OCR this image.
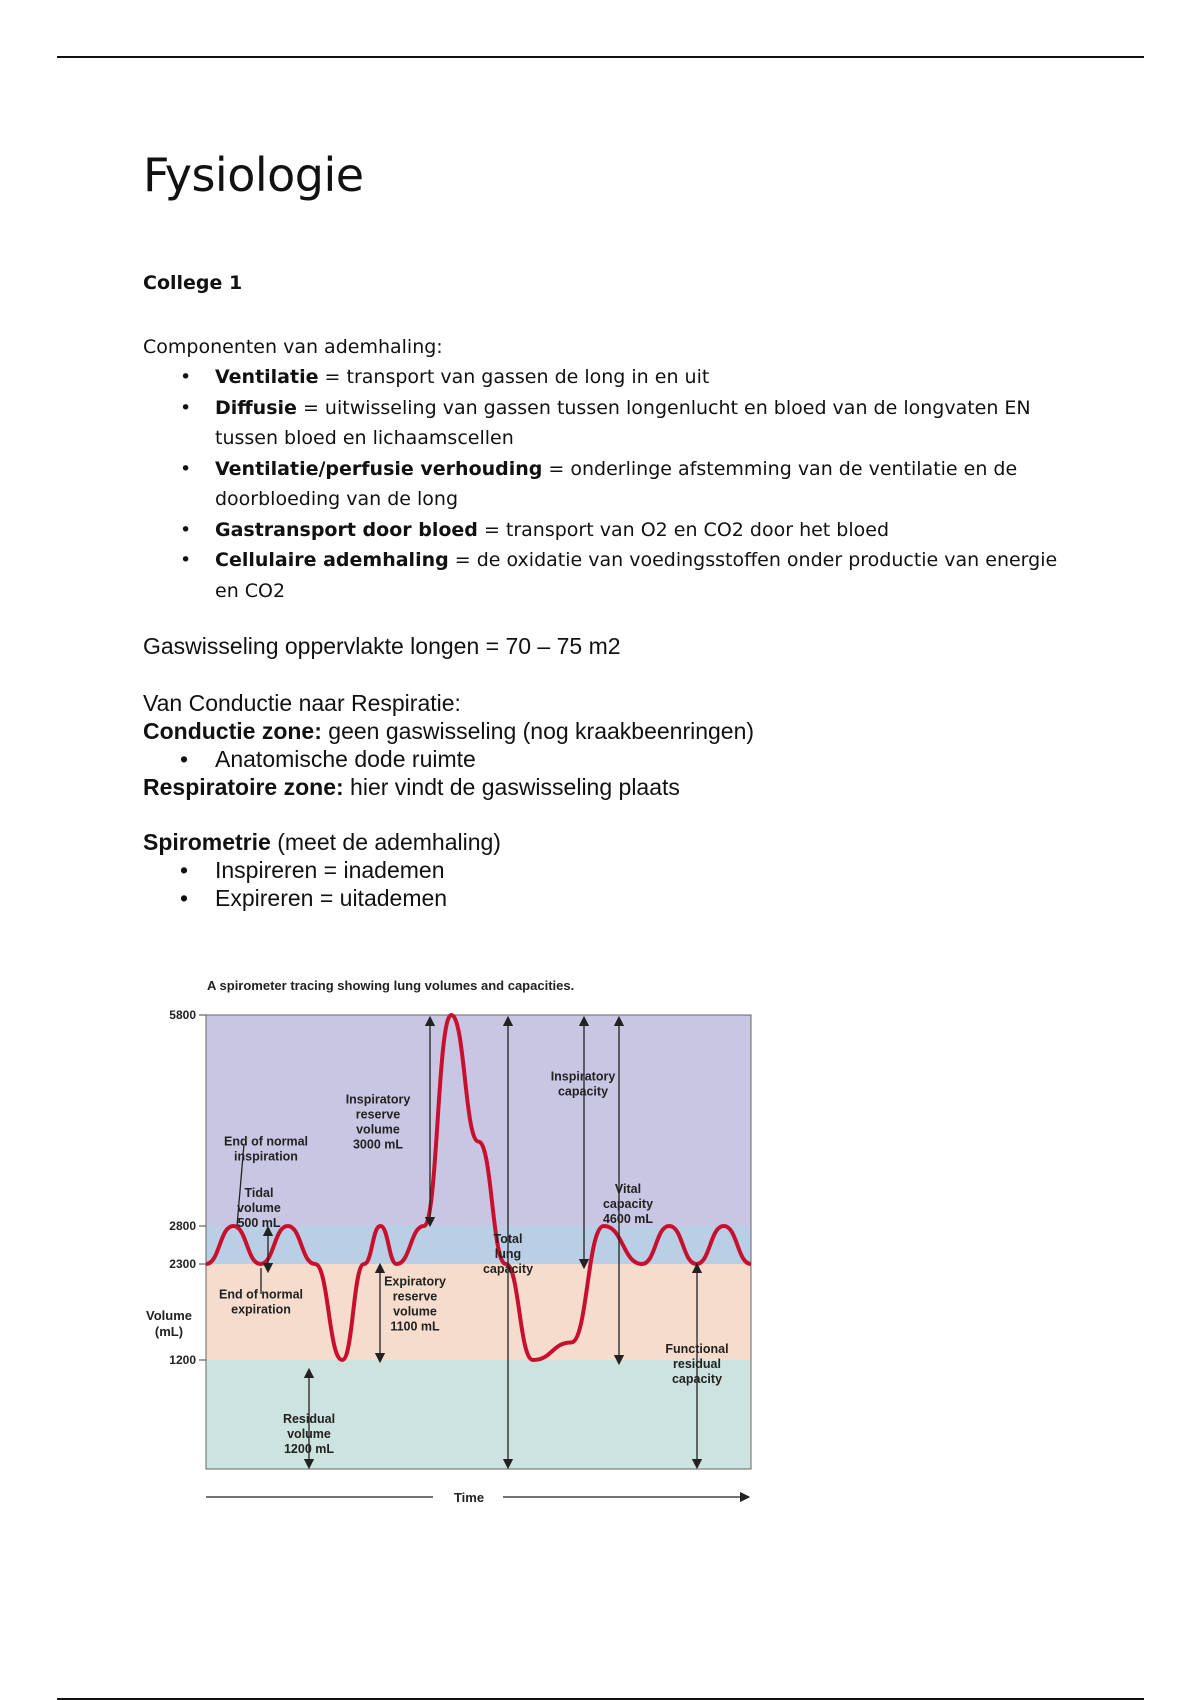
Fysiologie
College 1
Componenten van ademhaling:
• Ventilatie = transport van gassen de long in en uit
• Diffusie = uitwisseling van gassen tussen longenlucht en bloed van de longvaten EN tussen bloed en lichaamscellen
• Ventilatie/perfusie verhouding = onderlinge afstemming van de ventilatie en de doorbloeding van de long
• Gastransport door bloed = transport van O2 en CO2 door het bloed
• Cellulaire ademhaling = de oxidatie van voedingsstoffen onder productie van energie en CO2
Gaswisseling oppervlakte longen = 70 – 75 m2
Van Conductie naar Respiratie:
Conductie zone: geen gaswisseling (nog kraakbeenringen)
• Anatomische dode ruimte
Respiratoire zone: hier vindt de gaswisseling plaats
Spirometrie (meet de ademhaling)
• Inspireren = inademen
• Expireren = uitademen
A spirometer tracing showing lung volumes and capacities.
5800
2800
2300
1200
Volume (mL)
End of normal inspiration
Tidal volume 500 mL
End of normal expiration
Residual volume 1200 mL
Inspiratory reserve volume 3000 mL
Expiratory reserve volume 1100 mL
Total lung capacity
Inspiratory capacity
Vital capacity 4600 mL
Functional residual capacity
Time
